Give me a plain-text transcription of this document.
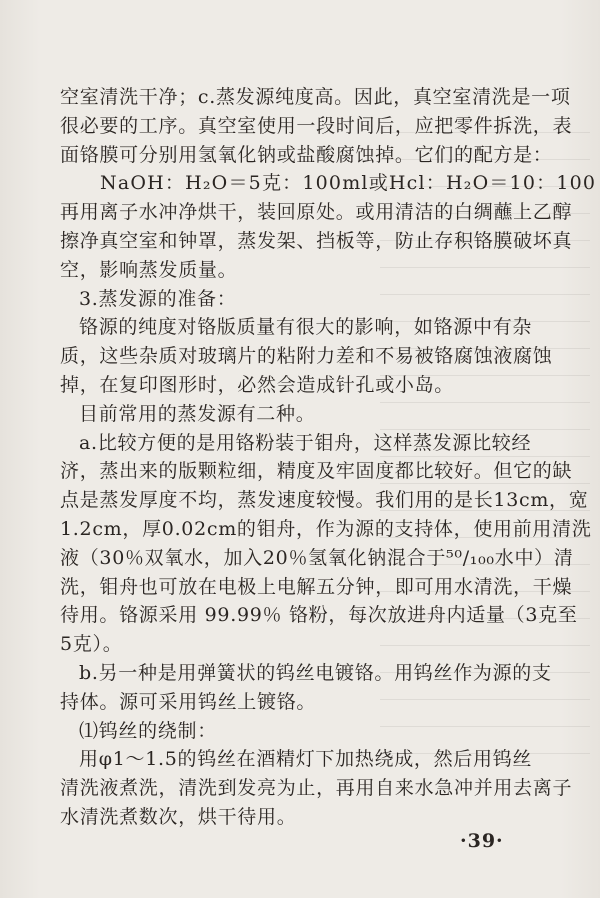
空室清洗干净；c.蒸发源纯度高。因此，真空室清洗是一项
很必要的工序。真空室使用一段时间后，应把零件拆洗，表
面铬膜可分别用氢氧化钠或盐酸腐蚀掉。它们的配方是：
NaOH：H₂O＝5克：100ml或Hcl：H₂O＝10：100
再用离子水冲净烘干，装回原处。或用清洁的白绸蘸上乙醇
擦净真空室和钟罩，蒸发架、挡板等，防止存积铬膜破坏真
空，影响蒸发质量。
3.蒸发源的准备：
铬源的纯度对铬版质量有很大的影响，如铬源中有杂
质，这些杂质对玻璃片的粘附力差和不易被铬腐蚀液腐蚀
掉，在复印图形时，必然会造成针孔或小岛。
目前常用的蒸发源有二种。
a.比较方便的是用铬粉装于钼舟，这样蒸发源比较经
济，蒸出来的版颗粒细，精度及牢固度都比较好。但它的缺
点是蒸发厚度不均，蒸发速度较慢。我们用的是长13cm，宽
1.2cm，厚0.02cm的钼舟，作为源的支持体，使用前用清洗
液（30％双氧水，加入20％氢氧化钠混合于⁵⁰/₁₀₀水中）清
洗，钼舟也可放在电极上电解五分钟，即可用水清洗，干燥
待用。铬源采用 99.99％ 铬粉，每次放进舟内适量（3克至
5克）。
b.另一种是用弹簧状的钨丝电镀铬。用钨丝作为源的支
持体。源可采用钨丝上镀铬。
⑴钨丝的绕制：
用φ1～1.5的钨丝在酒精灯下加热绕成，然后用钨丝
清洗液煮洗，清洗到发亮为止，再用自来水急冲并用去离子
水清洗煮数次，烘干待用。
·39·
